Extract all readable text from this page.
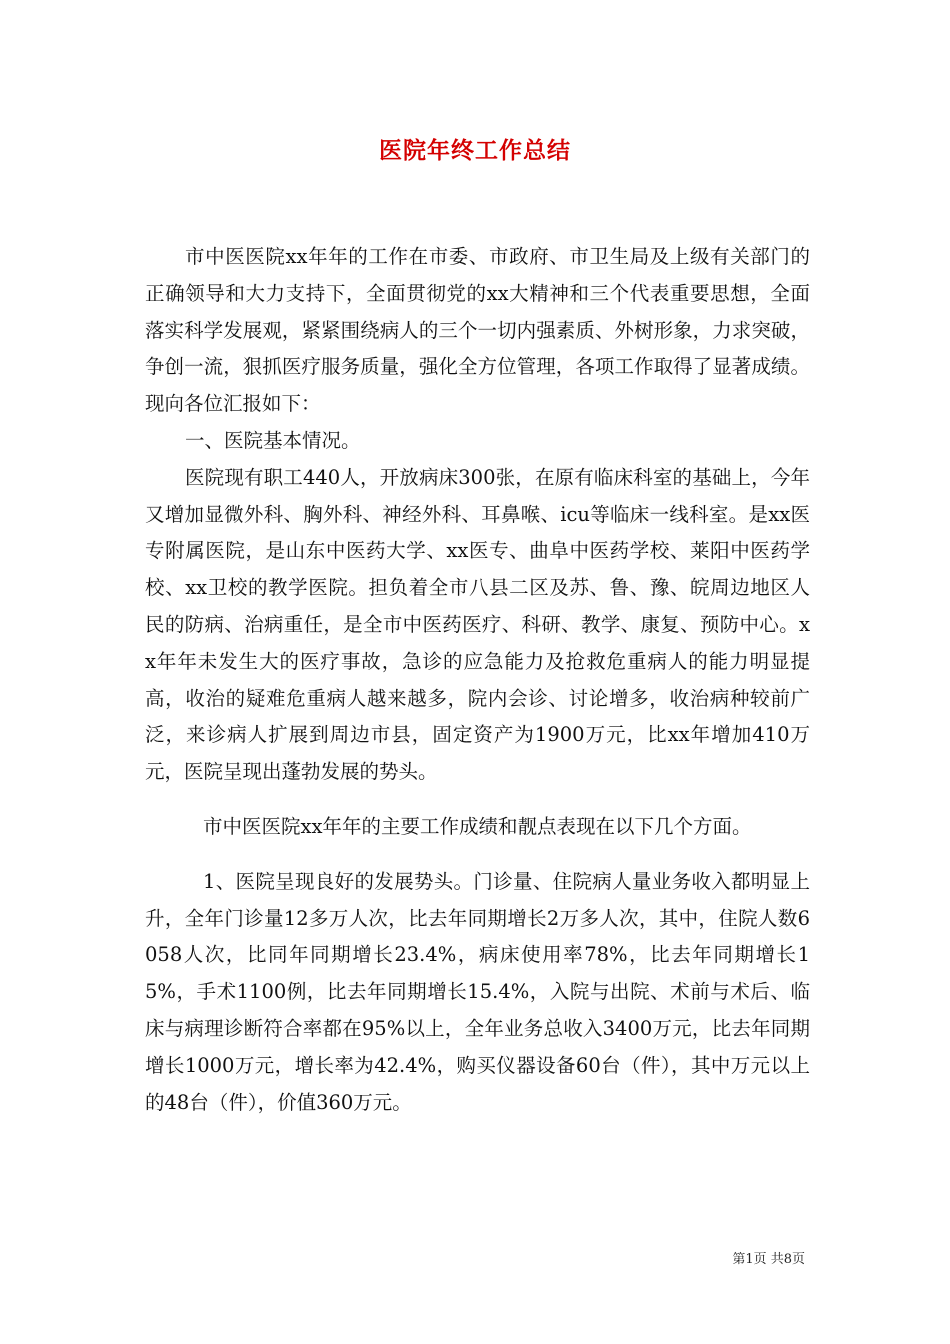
医院年终工作总结

市中医医院xx年年的工作在市委、市政府、市卫生局及上级有关部门的正确领导和大力支持下，全面贯彻党的xx大精神和三个代表重要思想，全面落实科学发展观，紧紧围绕病人的三个一切内强素质、外树形象，力求突破，争创一流，狠抓医疗服务质量，强化全方位管理，各项工作取得了显著成绩。现向各位汇报如下：

一、医院基本情况。

医院现有职工440人，开放病床300张，在原有临床科室的基础上，今年又增加显微外科、胸外科、神经外科、耳鼻喉、icu等临床一线科室。是xx医专附属医院，是山东中医药大学、xx医专、曲阜中医药学校、莱阳中医药学校、xx卫校的教学医院。担负着全市八县二区及苏、鲁、豫、皖周边地区人民的防病、治病重任，是全市中医药医疗、科研、教学、康复、预防中心。xx年年未发生大的医疗事故，急诊的应急能力及抢救危重病人的能力明显提高，收治的疑难危重病人越来越多，院内会诊、讨论增多，收治病种较前广泛，来诊病人扩展到周边市县，固定资产为1900万元，比xx年增加410万元，医院呈现出蓬勃发展的势头。

市中医医院xx年年的主要工作成绩和靓点表现在以下几个方面。

1、医院呈现良好的发展势头。门诊量、住院病人量业务收入都明显上升，全年门诊量12多万人次，比去年同期增长2万多人次，其中，住院人数6058人次，比同年同期增长23.4%，病床使用率78%，比去年同期增长15%，手术1100例，比去年同期增长15.4%，入院与出院、术前与术后、临床与病理诊断符合率都在95%以上，全年业务总收入3400万元，比去年同期增长1000万元，增长率为42.4%，购买仪器设备60台（件），其中万元以上的48台（件），价值360万元。

第1页 共8页
